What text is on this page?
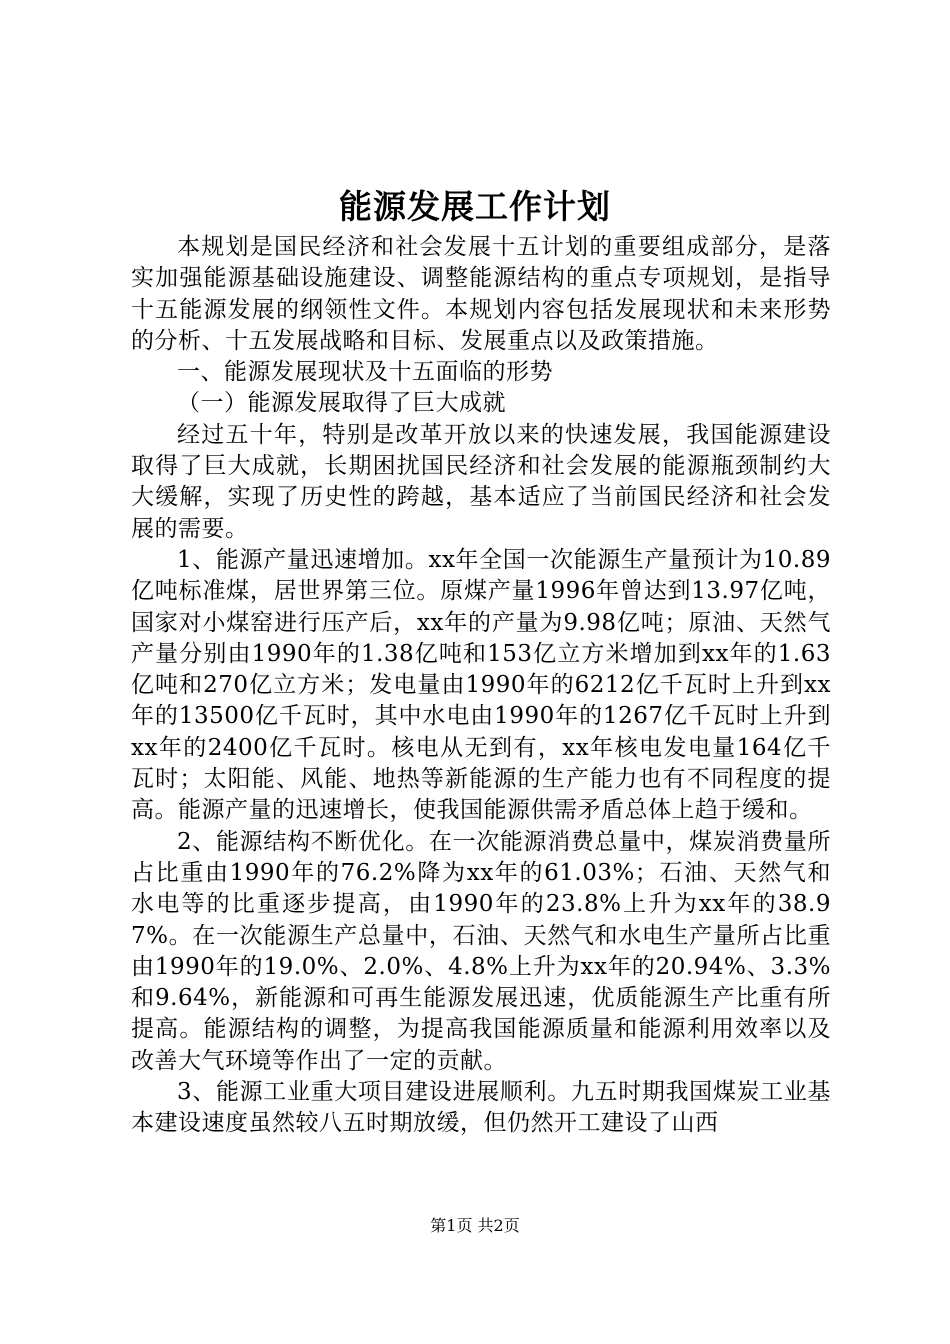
能源发展工作计划

本规划是国民经济和社会发展十五计划的重要组成部分，是落实加强能源基础设施建设、调整能源结构的重点专项规划，是指导十五能源发展的纲领性文件。本规划内容包括发展现状和未来形势的分析、十五发展战略和目标、发展重点以及政策措施。

一、能源发展现状及十五面临的形势

（一）能源发展取得了巨大成就

经过五十年，特别是改革开放以来的快速发展，我国能源建设取得了巨大成就，长期困扰国民经济和社会发展的能源瓶颈制约大大缓解，实现了历史性的跨越，基本适应了当前国民经济和社会发展的需要。

1、能源产量迅速增加。xx年全国一次能源生产量预计为10.89亿吨标准煤，居世界第三位。原煤产量1996年曾达到13.97亿吨，国家对小煤窑进行压产后，xx年的产量为9.98亿吨；原油、天然气产量分别由1990年的1.38亿吨和153亿立方米增加到xx年的1.63亿吨和270亿立方米；发电量由1990年的6212亿千瓦时上升到xx年的13500亿千瓦时，其中水电由1990年的1267亿千瓦时上升到xx年的2400亿千瓦时。核电从无到有，xx年核电发电量164亿千瓦时；太阳能、风能、地热等新能源的生产能力也有不同程度的提高。能源产量的迅速增长，使我国能源供需矛盾总体上趋于缓和。

2、能源结构不断优化。在一次能源消费总量中，煤炭消费量所占比重由1990年的76.2%降为xx年的61.03%；石油、天然气和水电等的比重逐步提高，由1990年的23.8%上升为xx年的38.97%。在一次能源生产总量中，石油、天然气和水电生产量所占比重由1990年的19.0%、2.0%、4.8%上升为xx年的20.94%、3.3%和9.64%，新能源和可再生能源发展迅速，优质能源生产比重有所提高。能源结构的调整，为提高我国能源质量和能源利用效率以及改善大气环境等作出了一定的贡献。

3、能源工业重大项目建设进展顺利。九五时期我国煤炭工业基本建设速度虽然较八五时期放缓，但仍然开工建设了山西

第1页 共2页
